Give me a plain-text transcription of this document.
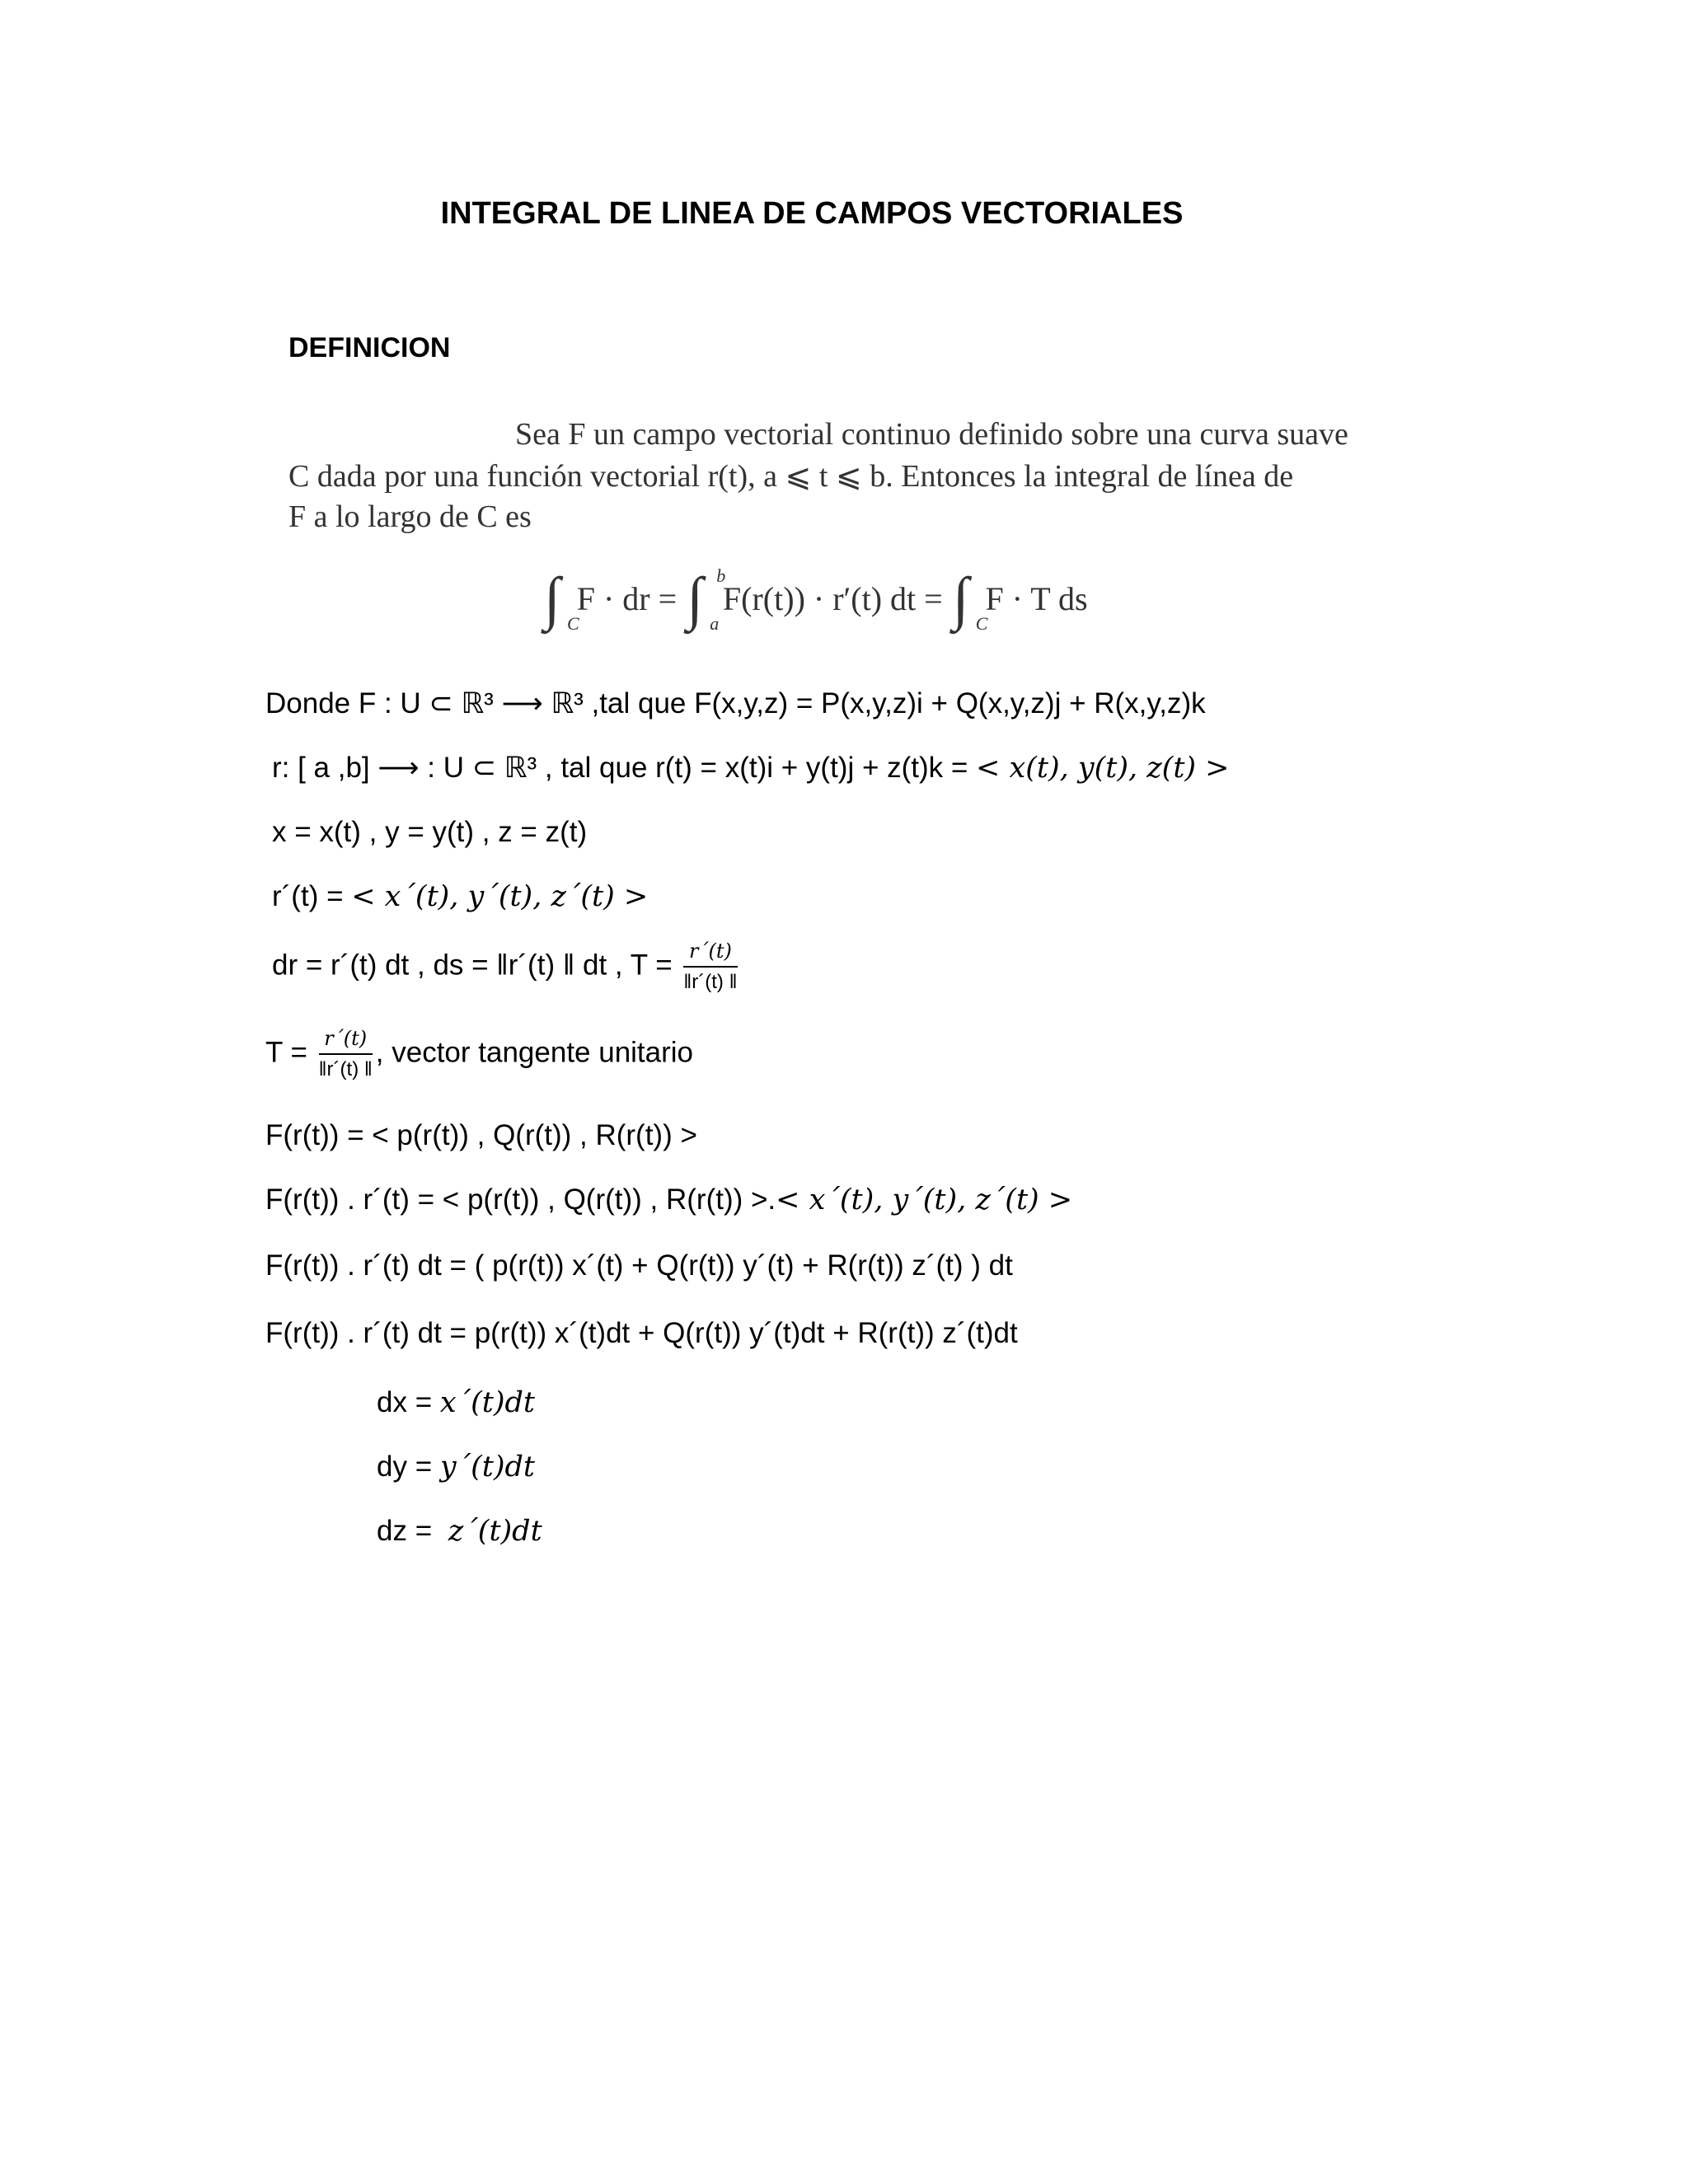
INTEGRAL DE LINEA DE CAMPOS VECTORIALES
DEFINICION
Sea F un campo vectorial continuo definido sobre una curva suave
C dada por una función vectorial r(t), a ⩽ t ⩽ b. Entonces la integral de línea de
F a lo largo de C es
∫ C
F · dr = ∫ a
b
F(r(t)) · r′(t) dt = ∫ C
F · T ds
Donde F : U ⊂ ℝ³ ⟶ ℝ³ ,tal que F(x,y,z) = P(x,y,z)i + Q(x,y,z)j + R(x,y,z)k
r: [ a ,b] ⟶ : U ⊂ ℝ³ , tal que r(t) = x(t)i + y(t)j + z(t)k = < x(t), y(t), z(t) >
x = x(t) , y = y(t) , z = z(t)
r´(t) = < x´(t), y´(t), z´(t) >
dr = r´(t) dt , ds = ‖r´(t) ‖ dt , $T = \frac{r´(t)}{‖r´(t) ‖}$
$T = \frac{r´(t)}{‖r´(t) ‖}$ , vector tangente unitario
F(r(t)) = < p(r(t)) , Q(r(t)) , R(r(t)) >
F(r(t)) . r´(t) = < p(r(t)) , Q(r(t)) , R(r(t)) >.< x´(t), y´(t), z´(t) >
F(r(t)) . r´(t) dt = ( p(r(t)) x´(t) + Q(r(t)) y´(t) + R(r(t)) z´(t) ) dt
F(r(t)) . r´(t) dt = p(r(t)) x´(t)dt + Q(r(t)) y´(t)dt + R(r(t)) z´(t)dt
dx = x´(t)dt
dy = y´(t)dt
dz = z´(t)dt
